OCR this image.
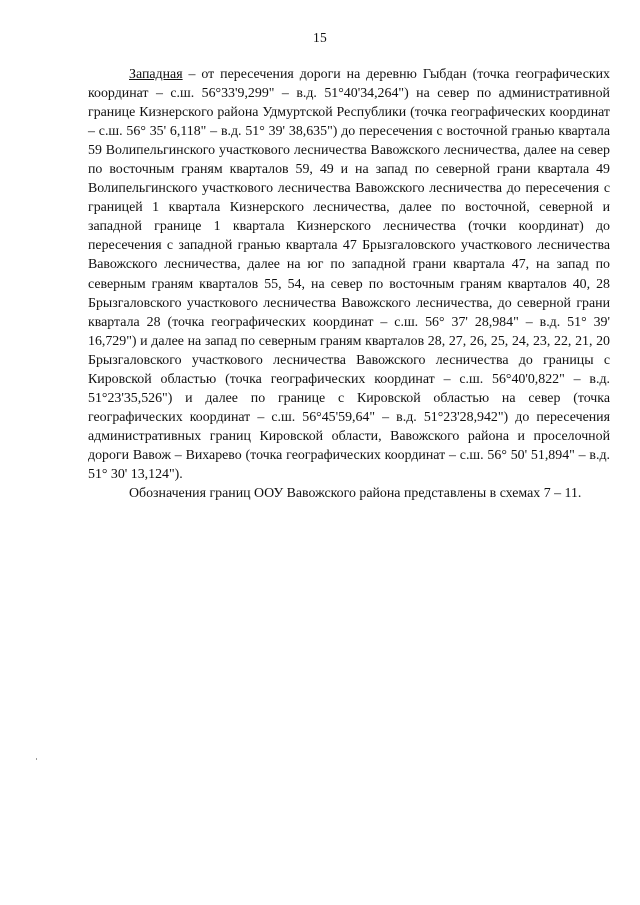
15

Западная – от пересечения дороги на деревню Гыбдан (точка географических координат – с.ш. 56°33'9,299" – в.д. 51°40'34,264") на север по административной границе Кизнерского района Удмуртской Республики (точка географических координат – с.ш. 56° 35' 6,118" – в.д. 51° 39' 38,635") до пересечения с восточной гранью квартала 59 Волипельгинского участкового лесничества Вавожского лесничества, далее на север по восточным граням кварталов 59, 49 и на запад по северной грани квартала 49 Волипельгинского участкового лесничества Вавожского лесничества до пересечения с границей 1 квартала Кизнерского лесничества, далее по восточной, северной и западной границе 1 квартала Кизнерского лесничества (точки координат) до пересечения с западной гранью квартала 47 Брызгаловского участкового лесничества Вавожского лесничества, далее на юг по западной грани квартала 47, на запад по северным граням кварталов 55, 54, на север по восточным граням кварталов 40, 28 Брызгаловского участкового лесничества Вавожского лесничества, до северной грани квартала 28 (точка географических координат – с.ш. 56° 37' 28,984" – в.д. 51° 39' 16,729") и далее на запад по северным граням кварталов 28, 27, 26, 25, 24, 23, 22, 21, 20 Брызгаловского участкового лесничества Вавожского лесничества до границы с Кировской областью (точка географических координат – с.ш. 56°40'0,822" – в.д. 51°23'35,526") и далее по границе с Кировской областью на север (точка географических координат – с.ш. 56°45'59,64" – в.д. 51°23'28,942") до пересечения административных границ Кировской области, Вавожского района и проселочной дороги Вавож – Вихарево (точка географических координат – с.ш. 56° 50' 51,894" – в.д. 51° 30' 13,124").

Обозначения границ ООУ Вавожского района представлены в схемах 7 – 11.
